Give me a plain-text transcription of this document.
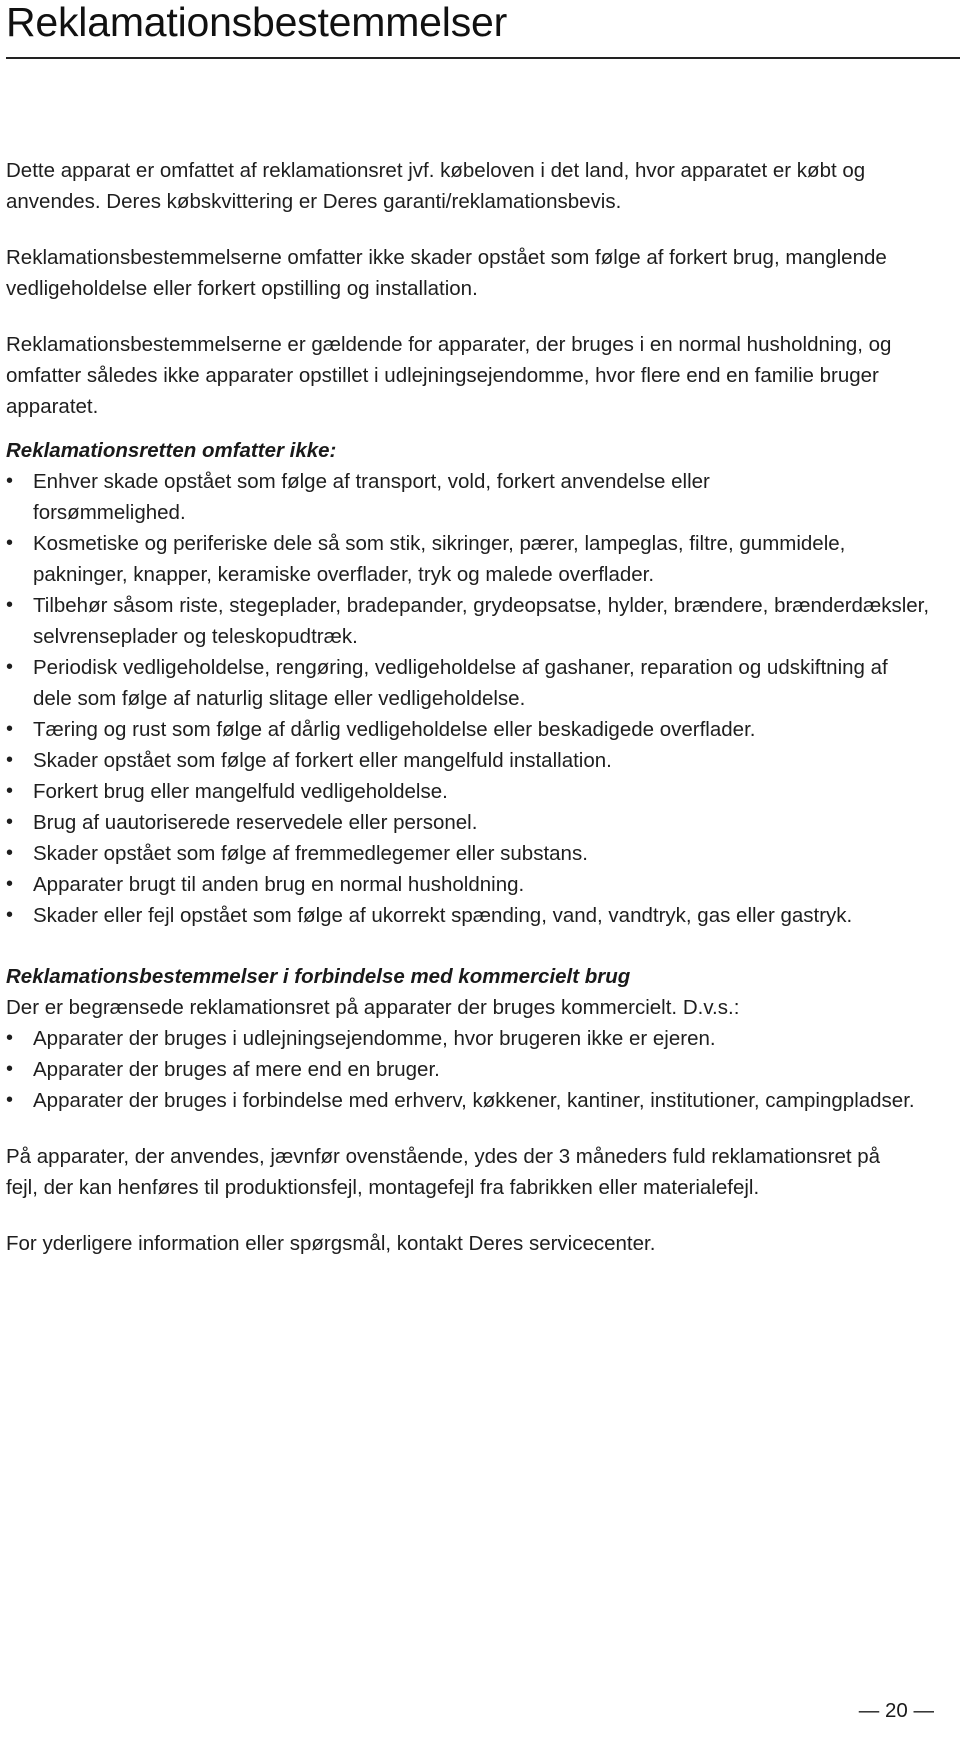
Reklamationsbestemmelser

Dette apparat er omfattet af reklamationsret jvf. købeloven i det land, hvor apparatet er købt og anvendes. Deres købskvittering er Deres garanti/reklamationsbevis.

Reklamationsbestemmelserne omfatter ikke skader opstået som følge af forkert brug, manglende vedligeholdelse eller forkert opstilling og installation.

Reklamationsbestemmelserne er gældende for apparater, der bruges i en normal husholdning, og omfatter således ikke apparater opstillet i udlejningsejendomme, hvor flere end en familie bruger apparatet.

Reklamationsretten omfatter ikke:
• Enhver skade opstået som følge af transport, vold, forkert anvendelse eller forsømmelighed.
• Kosmetiske og periferiske dele så som stik, sikringer, pærer, lampeglas, filtre, gummidele, pakninger, knapper, keramiske overflader, tryk og malede overflader.
• Tilbehør såsom riste, stegeplader, bradepander, grydeopsatse, hylder, brændere, brænderdæksler, selvrenseplader og teleskopudtræk.
• Periodisk vedligeholdelse, rengøring, vedligeholdelse af gashaner, reparation og udskiftning af dele som følge af naturlig slitage eller vedligeholdelse.
• Tæring og rust som følge af dårlig vedligeholdelse eller beskadigede overflader.
• Skader opstået som følge af forkert eller mangelfuld installation.
• Forkert brug eller mangelfuld vedligeholdelse.
• Brug af uautoriserede reservedele eller personel.
• Skader opstået som følge af fremmedlegemer eller substans.
• Apparater brugt til anden brug en normal husholdning.
• Skader eller fejl opstået som følge af ukorrekt spænding, vand, vandtryk, gas eller gastryk.
Reklamationsbestemmelser i forbindelse med kommercielt brug

Der er begrænsede reklamationsret på apparater der bruges kommercielt. D.v.s.:

• Apparater der bruges i udlejningsejendomme, hvor brugeren ikke er ejeren.
• Apparater der bruges af mere end en bruger.
• Apparater der bruges i forbindelse med erhverv, køkkener, kantiner, institutioner, campingpladser.

På apparater, der anvendes, jævnfør ovenstående, ydes der 3 måneders fuld reklamationsret på fejl, der kan henføres til produktionsfejl, montagefejl fra fabrikken eller materialefejl.

For yderligere information eller spørgsmål, kontakt Deres servicecenter.

— 20 —
